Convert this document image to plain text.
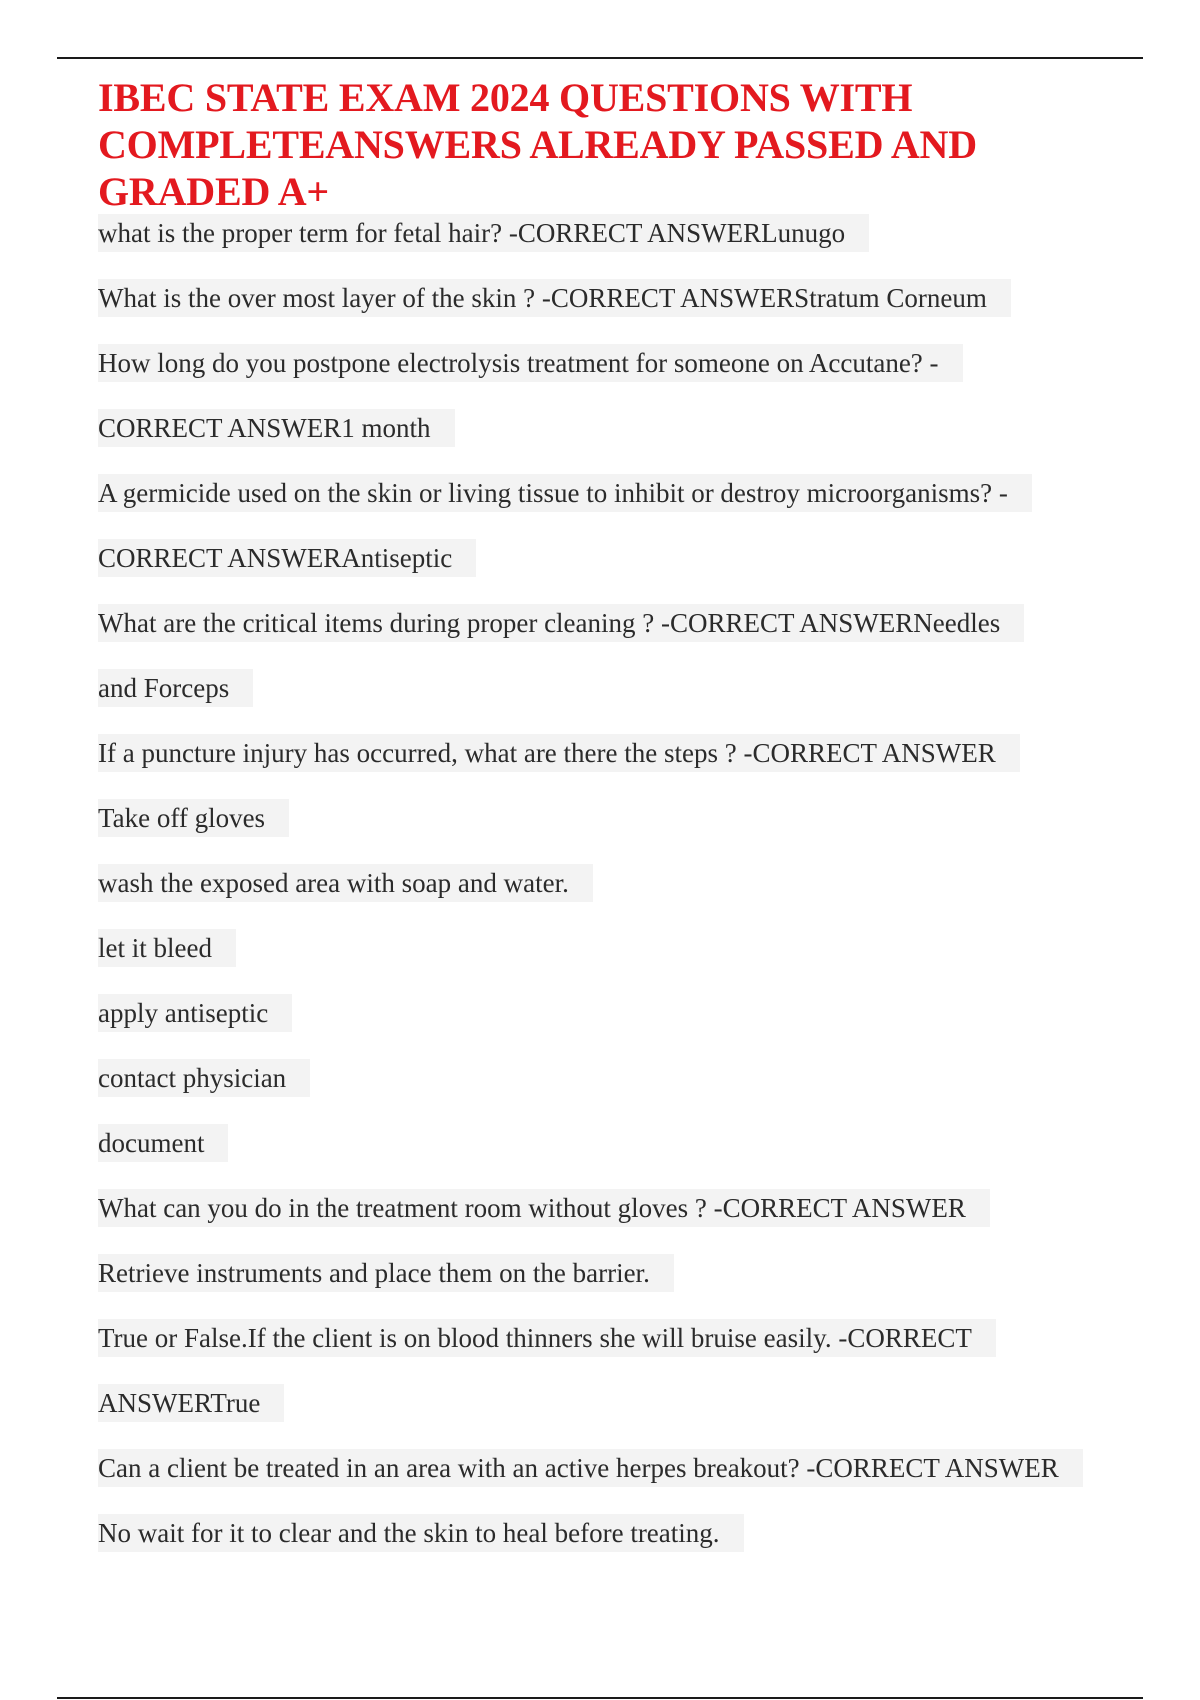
IBEC STATE EXAM 2024 QUESTIONS WITH COMPLETEANSWERS ALREADY PASSED AND GRADED A+
what is the proper term for fetal hair? -CORRECT ANSWERLunugo
What is the over most layer of the skin ? -CORRECT ANSWERStratum Corneum
How long do you postpone electrolysis treatment for someone on Accutane? -
CORRECT ANSWER1 month
A germicide used on the skin or living tissue to inhibit or destroy microorganisms? -
CORRECT ANSWERAntiseptic
What are the critical items during proper cleaning ? -CORRECT ANSWERNeedles
and Forceps
If a puncture injury has occurred, what are there the steps ? -CORRECT ANSWER
Take off gloves
wash the exposed area with soap and water.
let it bleed
apply antiseptic
contact physician
document
What can you do in the treatment room without gloves ? -CORRECT ANSWER
Retrieve instruments and place them on the barrier.
True or False.If the client is on blood thinners she will bruise easily. -CORRECT
ANSWERTrue
Can a client be treated in an area with an active herpes breakout? -CORRECT ANSWER
No wait for it to clear and the skin to heal before treating.
